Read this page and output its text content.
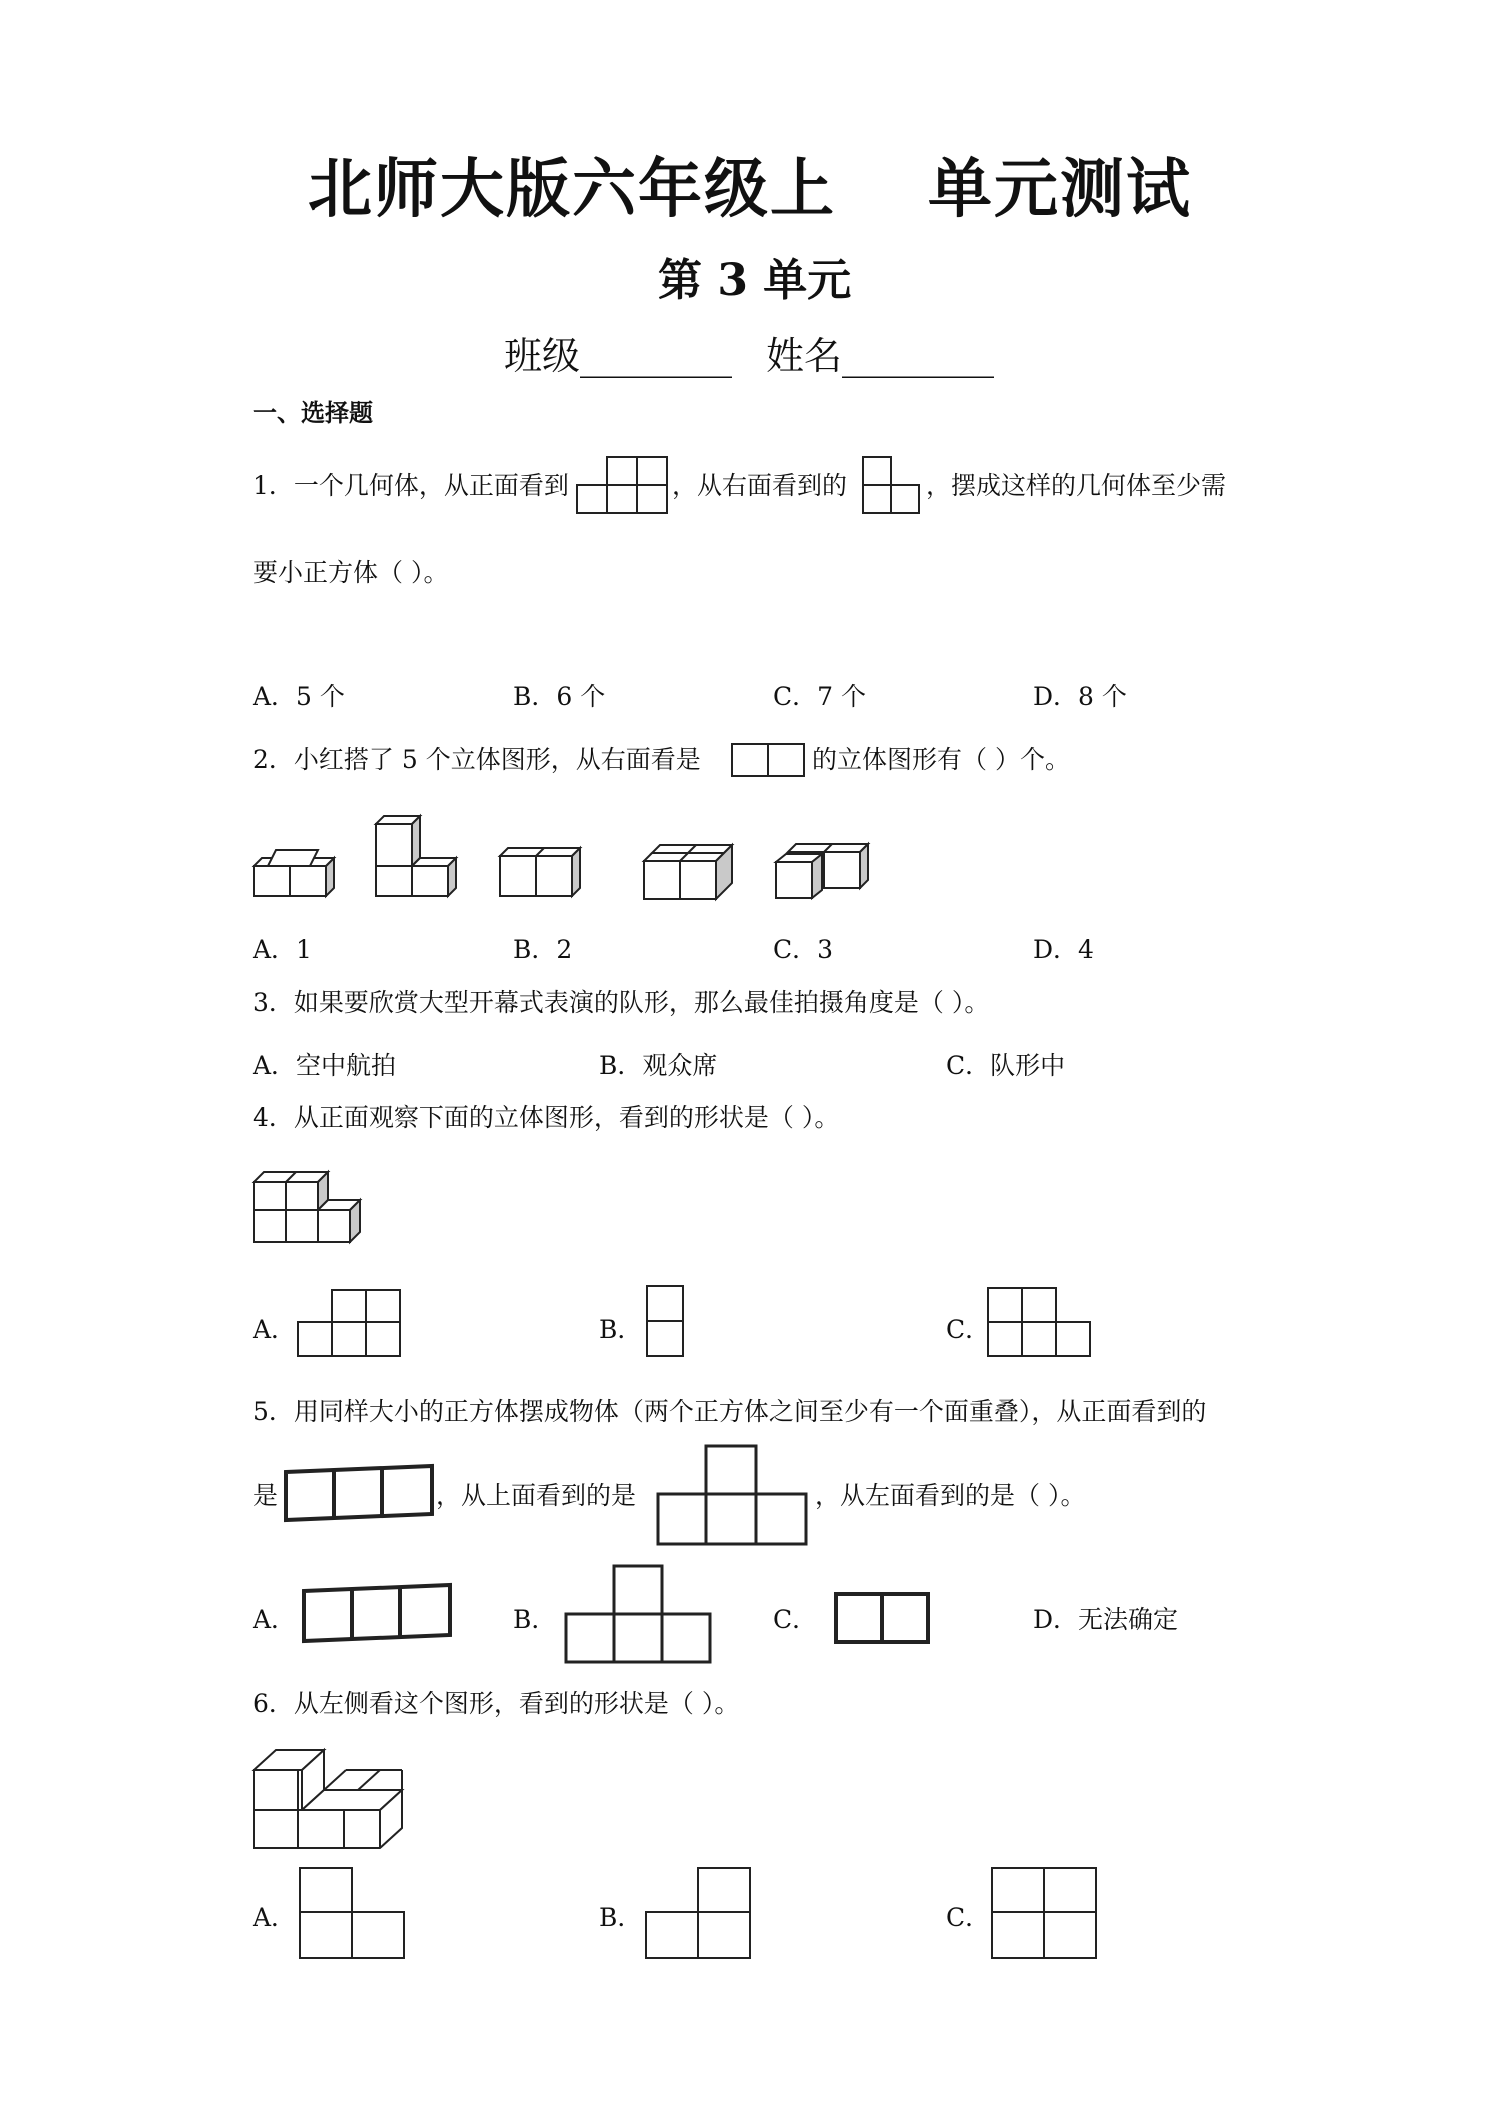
北师大版六年级上 单元测试
第 3 单元
班级________ 姓名________
一、选择题
1．一个几何体，从正面看到	，从右面看到的	，摆成这样的几何体至少需
要小正方体（ ）。
A．5 个	B．6 个	C．7 个	D．8 个
2．小红搭了 5 个立体图形，从右面看是	的立体图形有（ ）个。
A．1	B．2	C．3	D．4
3．如果要欣赏大型开幕式表演的队形，那么最佳拍摄角度是（ ）。
A．空中航拍	B．观众席	C．队形中
4．从正面观察下面的立体图形，看到的形状是（ ）。
A．	B．	C．
5．用同样大小的正方体摆成物体（两个正方体之间至少有一个面重叠），从正面看到的
是	，从上面看到的是	，从左面看到的是（ ）。
A．	B．	C．	D．无法确定
6．从左侧看这个图形，看到的形状是（ ）。
A．	B．	C．
